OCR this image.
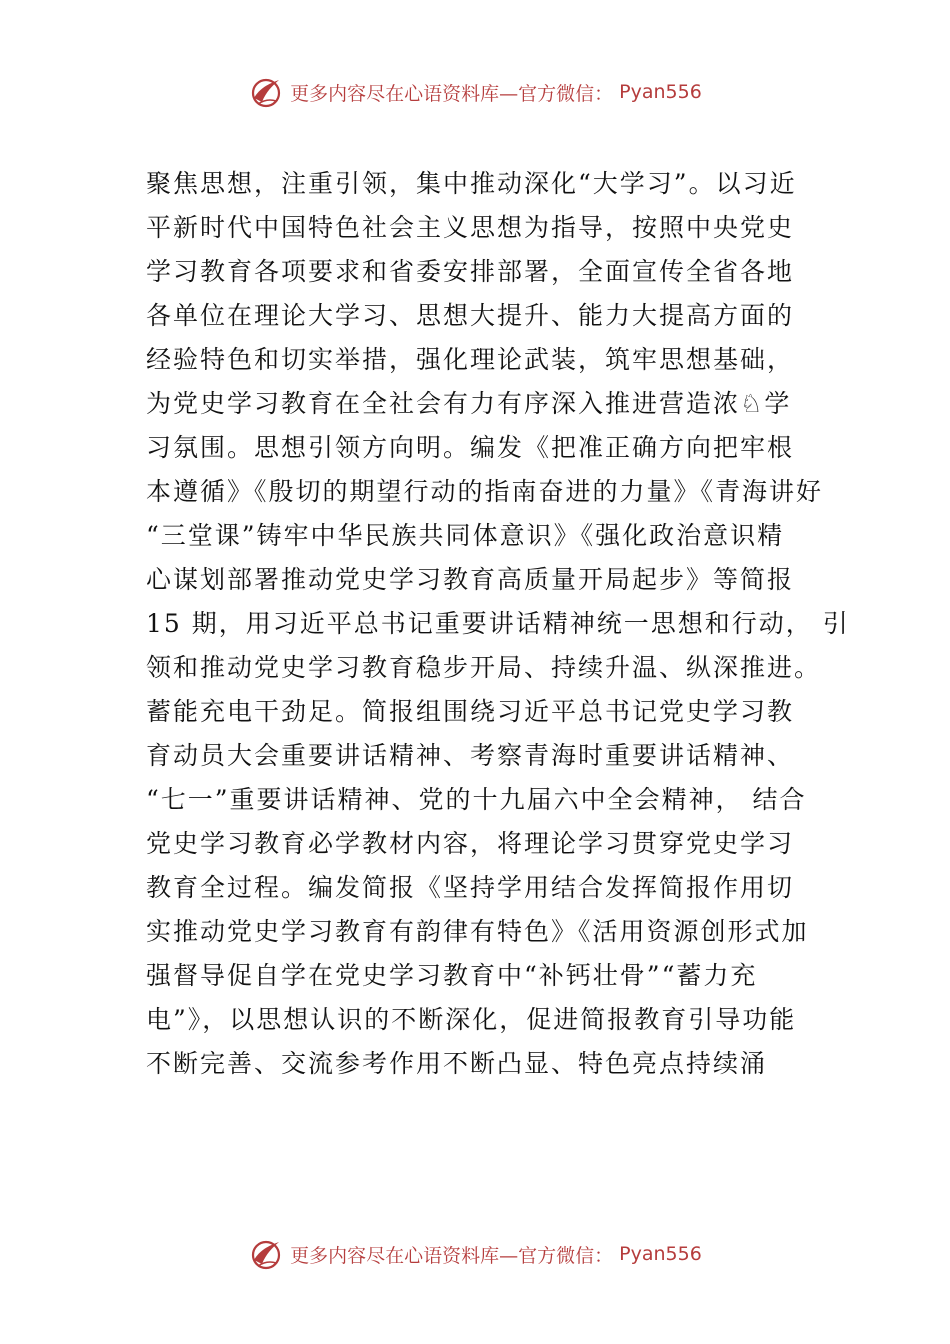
更多内容尽在心语资料库—官方微信： Pyan556
聚焦思想，注重引领，集中推动深化“大学习”。以习近
平新时代中国特色社会主义思想为指导，按照中央党史
学习教育各项要求和省委安排部署，全面宣传全省各地
各单位在理论大学习、思想大提升、能力大提高方面的
经验特色和切实举措，强化理论武装，筑牢思想基础，
为党史学习教育在全社会有力有序深入推进营造浓♘学
习氛围。思想引领方向明。编发《把准正确方向把牢根
本遵循》《殷切的期望行动的指南奋进的力量》《青海讲好
“三堂课”铸牢中华民族共同体意识》《强化政治意识精
心谋划部署推动党史学习教育高质量开局起步》等简报
15 期，用习近平总书记重要讲话精神统一思想和行动， 引
领和推动党史学习教育稳步开局、持续升温、纵深推进。
蓄能充电干劲足。简报组围绕习近平总书记党史学习教
育动员大会重要讲话精神、考察青海时重要讲话精神、
“七一”重要讲话精神、党的十九届六中全会精神， 结合
党史学习教育必学教材内容，将理论学习贯穿党史学习
教育全过程。编发简报《坚持学用结合发挥简报作用切
实推动党史学习教育有韵律有特色》《活用资源创形式加
强督导促自学在党史学习教育中“补钙壮骨”“蓄力充
电”》，以思想认识的不断深化，促进简报教育引导功能
不断完善、交流参考作用不断凸显、特色亮点持续涌
更多内容尽在心语资料库—官方微信： Pyan556
